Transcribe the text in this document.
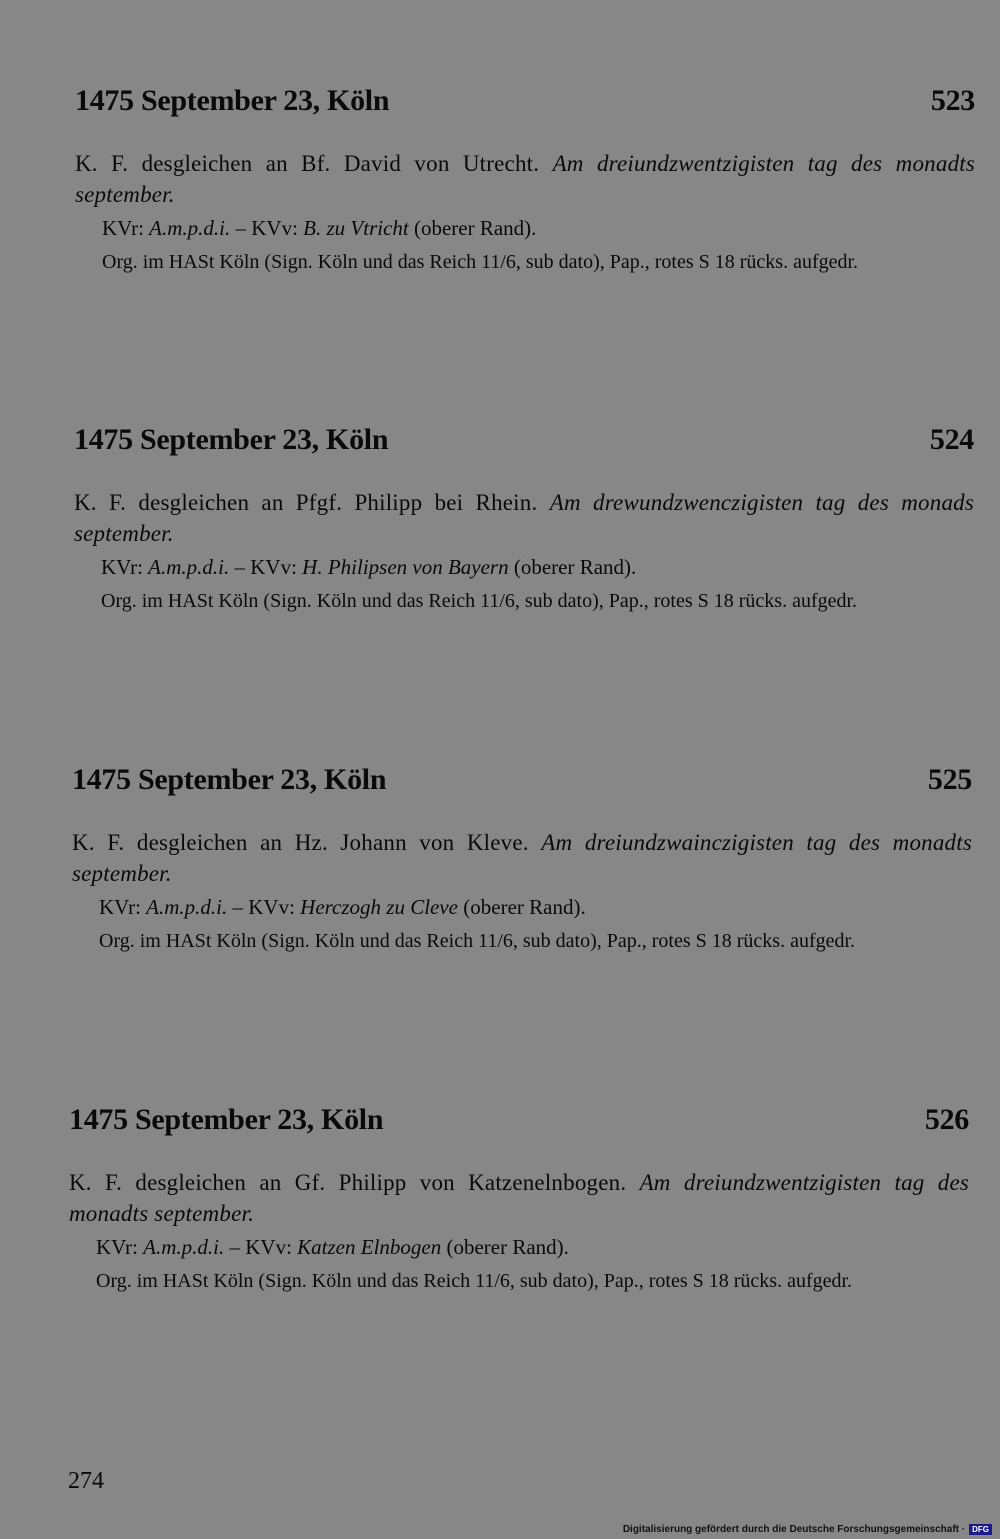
1475 September 23, Köln	523
K. F. desgleichen an Bf. David von Utrecht. Am dreiundzwentzigisten tag des monadts september.
KVr: A.m.p.d.i. – KVv: B. zu Vtricht (oberer Rand).
Org. im HASt Köln (Sign. Köln und das Reich 11/6, sub dato), Pap., rotes S 18 rücks. aufgedr.
1475 September 23, Köln	524
K. F. desgleichen an Pfgf. Philipp bei Rhein. Am drewundzwenczigisten tag des monads september.
KVr: A.m.p.d.i. – KVv: H. Philipsen von Bayern (oberer Rand).
Org. im HASt Köln (Sign. Köln und das Reich 11/6, sub dato), Pap., rotes S 18 rücks. aufgedr.
1475 September 23, Köln	525
K. F. desgleichen an Hz. Johann von Kleve. Am dreiundzwainczigisten tag des monadts september.
KVr: A.m.p.d.i. – KVv: Herczogh zu Cleve (oberer Rand).
Org. im HASt Köln (Sign. Köln und das Reich 11/6, sub dato), Pap., rotes S 18 rücks. aufgedr.
1475 September 23, Köln	526
K. F. desgleichen an Gf. Philipp von Katzenelnbogen. Am dreiundzwentzigisten tag des monadts september.
KVr: A.m.p.d.i. – KVv: Katzen Elnbogen (oberer Rand).
Org. im HASt Köln (Sign. Köln und das Reich 11/6, sub dato), Pap., rotes S 18 rücks. aufgedr.
274
Digitalisierung gefördert durch die Deutsche Forschungsgemeinschaft · DFG
